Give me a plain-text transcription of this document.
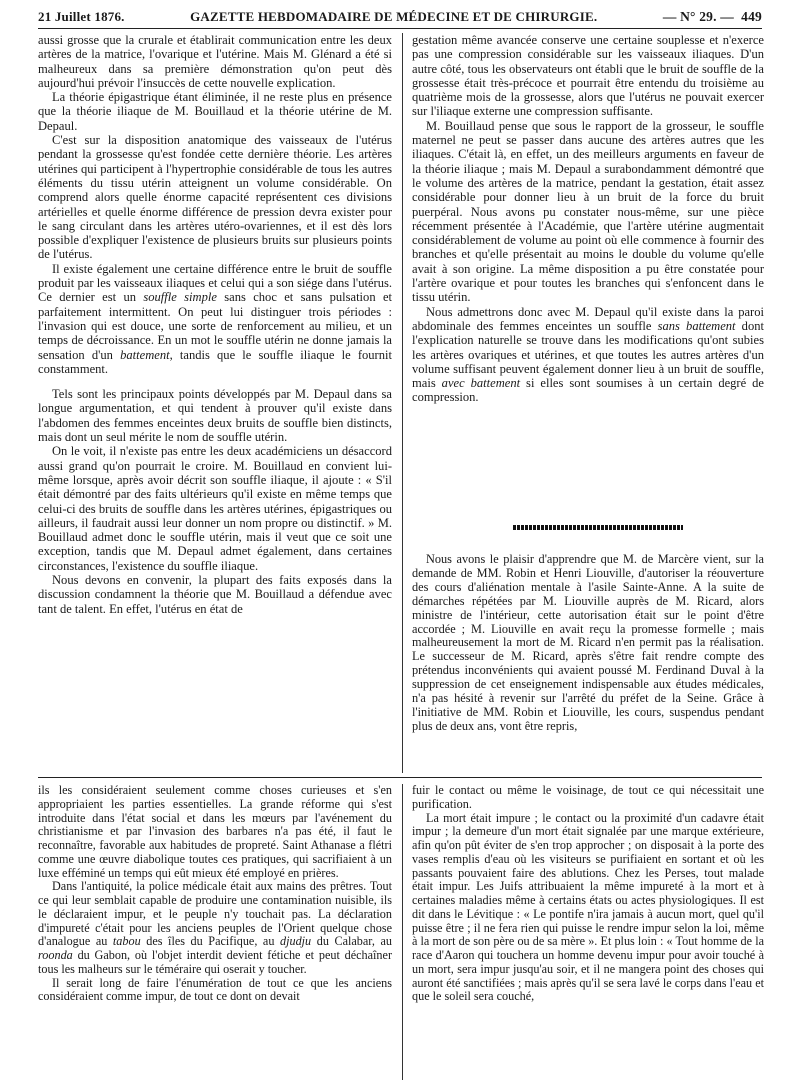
21 Juillet 1876.	GAZETTE HEBDOMADAIRE DE MÉDECINE ET DE CHIRURGIE.	— N° 29. — 449

aussi grosse que la crurale et établirait communication entre les deux artères de la matrice, l'ovarique et l'utérine. Mais M. Glénard a été si malheureux dans sa première démonstration qu'on peut dès aujourd'hui prévoir l'insuccès de cette nouvelle explication.

La théorie épigastrique étant éliminée, il ne reste plus en présence que la théorie iliaque de M. Bouillaud et la théorie utérine de M. Depaul.

C'est sur la disposition anatomique des vaisseaux de l'utérus pendant la grossesse qu'est fondée cette dernière théorie. Les artères utérines qui participent à l'hypertrophie considérable de tous les autres éléments du tissu utérin atteignent un volume considérable. On comprend alors quelle énorme capacité représentent ces divisions artérielles et quelle énorme différence de pression devra exister pour le sang circulant dans les artères utéro-ovariennes, et il est dès lors possible d'expliquer l'existence de plusieurs bruits sur plusieurs points de l'utérus.

Il existe également une certaine différence entre le bruit de souffle produit par les vaisseaux iliaques et celui qui a son siége dans l'utérus. Ce dernier est un souffle simple sans choc et sans pulsation et parfaitement intermittent. On peut lui distinguer trois périodes : l'invasion qui est douce, une sorte de renforcement au milieu, et un temps de décroissance. En un mot le souffle utérin ne donne jamais la sensation d'un battement, tandis que le souffle iliaque le fournit constamment.

Tels sont les principaux points développés par M. Depaul dans sa longue argumentation, et qui tendent à prouver qu'il existe dans l'abdomen des femmes enceintes deux bruits de souffle bien distincts, mais dont un seul mérite le nom de souffle utérin.

On le voit, il n'existe pas entre les deux académiciens un désaccord aussi grand qu'on pourrait le croire. M. Bouillaud en convient lui-même lorsque, après avoir décrit son souffle iliaque, il ajoute : « S'il était démontré par des faits ultérieurs qu'il existe en même temps que celui-ci des bruits de souffle dans les artères utérines, épigastriques ou ailleurs, il faudrait aussi leur donner un nom propre ou distinctif. » M. Bouillaud admet donc le souffle utérin, mais il veut que ce soit une exception, tandis que M. Depaul admet également, dans certaines circonstances, l'existence du souffle iliaque.

Nous devons en convenir, la plupart des faits exposés dans la discussion condamnent la théorie que M. Bouillaud a défendue avec tant de talent. En effet, l'utérus en état de

gestation même avancée conserve une certaine souplesse et n'exerce pas une compression considérable sur les vaisseaux iliaques. D'un autre côté, tous les observateurs ont établi que le bruit de souffle de la grossesse était très-précoce et pourrait être entendu du troisième au quatrième mois de la grossesse, alors que l'utérus ne pouvait exercer sur l'iliaque externe une compression suffisante.

M. Bouillaud pense que sous le rapport de la grosseur, le souffle maternel ne peut se passer dans aucune des artères autres que les iliaques. C'était là, en effet, un des meilleurs arguments en faveur de la théorie iliaque ; mais M. Depaul a surabondamment démontré que le volume des artères de la matrice, pendant la gestation, était assez considérable pour donner lieu à un bruit de la force du bruit puerpéral. Nous avons pu constater nous-même, sur une pièce récemment présentée à l'Académie, que l'artère utérine augmentait considérablement de volume au point où elle commence à fournir des branches et qu'elle présentait au moins le double du volume qu'elle avait à son origine. La même disposition a pu être constatée pour l'artère ovarique et pour toutes les branches qui s'enfoncent dans le tissu utérin.

Nous admettrons donc avec M. Depaul qu'il existe dans la paroi abdominale des femmes enceintes un souffle sans battement dont l'explication naturelle se trouve dans les modifications qu'ont subies les artères ovariques et utérines, et que toutes les autres artères d'un volume suffisant peuvent également donner lieu à un bruit de souffle, mais avec battement si elles sont soumises à un certain degré de compression.

Nous avons le plaisir d'apprendre que M. de Marcère vient, sur la demande de MM. Robin et Henri Liouville, d'autoriser la réouverture des cours d'aliénation mentale à l'asile Sainte-Anne. A la suite de démarches répétées par M. Liouville auprès de M. Ricard, alors ministre de l'intérieur, cette autorisation était sur le point d'être accordée ; M. Liouville en avait reçu la promesse formelle ; mais malheureusement la mort de M. Ricard n'en permit pas la réalisation. Le successeur de M. Ricard, après s'être fait rendre compte des prétendus inconvénients qui avaient poussé M. Ferdinand Duval à la suppression de cet enseignement indispensable aux études médicales, n'a pas hésité à revenir sur l'arrêté du préfet de la Seine. Grâce à l'initiative de MM. Robin et Liouville, les cours, suspendus pendant plus de deux ans, vont être repris,

ils les considéraient seulement comme choses curieuses et s'en appropriaient les parties essentielles. La grande réforme qui s'est introduite dans l'état social et dans les mœurs par l'avénement du christianisme et par l'invasion des barbares n'a pas été, il faut le reconnaître, favorable aux habitudes de propreté. Saint Athanase a flétri comme une œuvre diabolique toutes ces pratiques, qui sacrifiaient à un luxe efféminé un temps qui eût mieux été employé en prières.

Dans l'antiquité, la police médicale était aux mains des prêtres. Tout ce qui leur semblait capable de produire une contamination nuisible, ils le déclaraient impur, et le peuple n'y touchait pas. La déclaration d'impureté c'était pour les anciens peuples de l'Orient quelque chose d'analogue au tabou des îles du Pacifique, au djudju du Calabar, au roonda du Gabon, où l'objet interdit devient fétiche et peut déchaîner tous les malheurs sur le téméraire qui oserait y toucher.

Il serait long de faire l'énumération de tout ce que les anciens considéraient comme impur, de tout ce dont on devait

fuir le contact ou même le voisinage, de tout ce qui nécessitait une purification.

La mort était impure ; le contact ou la proximité d'un cadavre était impur ; la demeure d'un mort était signalée par une marque extérieure, afin qu'on pût éviter de s'en trop approcher ; on disposait à la porte des vases remplis d'eau où les visiteurs se purifiaient en sortant et où les passants pouvaient faire des ablutions. Chez les Perses, tout malade était impur. Les Juifs attribuaient la même impureté à la mort et à certaines maladies même à certains états ou actes physiologiques. Il est dit dans le Lévitique : « Le pontife n'ira jamais à aucun mort, quel qu'il puisse être ; il ne fera rien qui puisse le rendre impur selon la loi, même à la mort de son père ou de sa mère ». Et plus loin : « Tout homme de la race d'Aaron qui touchera un homme devenu impur pour avoir touché à un mort, sera impur jusqu'au soir, et il ne mangera point des choses qui auront été sanctifiées ; mais après qu'il se sera lavé le corps dans l'eau et que le soleil sera couché,
